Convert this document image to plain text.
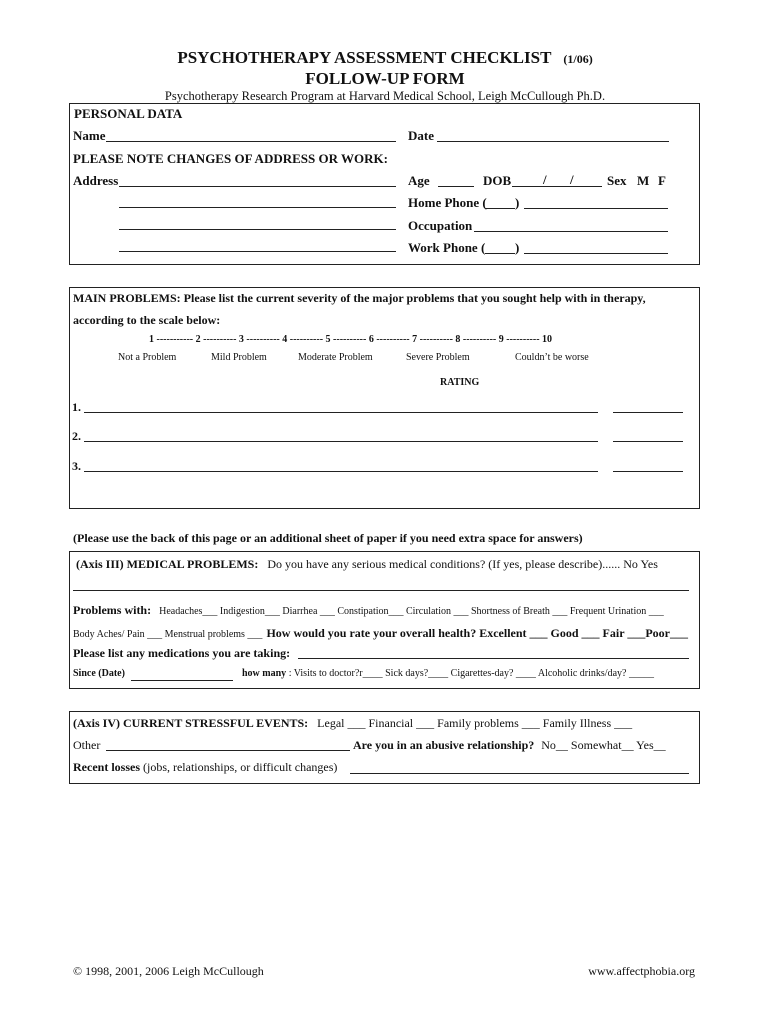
PSYCHOTHERAPY ASSESSMENT CHECKLIST (1/06)
FOLLOW-UP FORM
Psychotherapy Research Program at Harvard Medical School, Leigh McCullough Ph.D.
PERSONAL DATA
Name	Date
PLEASE NOTE CHANGES OF ADDRESS OR WORK:
Address	Age	DOB / /	Sex M F
Home Phone ( )
Occupation
Work Phone ( )
MAIN PROBLEMS: Please list the current severity of the major problems that you sought help with in therapy,
according to the scale below:
1 ----------- 2 ---------- 3 ---------- 4 ---------- 5 ---------- 6 ---------- 7 ---------- 8 ---------- 9 ---------- 10
Not a Problem	Mild Problem	Moderate Problem	Severe Problem	Couldn’t be worse
RATING
1.
2.
3.
(Please use the back of this page or an additional sheet of paper if you need extra space for answers)
(Axis III) MEDICAL PROBLEMS: Do you have any serious medical conditions? (If yes, please describe)...... No Yes
Problems with: Headaches___ Indigestion___ Diarrhea ___ Constipation___ Circulation ___ Shortness of Breath ___ Frequent Urination ___
Body Aches/ Pain ___ Menstrual problems ___ How would you rate your overall health? Excellent ___ Good ___ Fair ___Poor___
Please list any medications you are taking:
Since (Date)	how many : Visits to doctor?r____ Sick days?____ Cigarettes-day? ____ Alcoholic drinks/day? _____
(Axis IV) CURRENT STRESSFUL EVENTS: Legal ___ Financial ___ Family problems ___ Family Illness ___
Other	Are you in an abusive relationship? No__ Somewhat__ Yes__
Recent losses (jobs, relationships, or difficult changes)
© 1998, 2001, 2006 Leigh McCullough	www.affectphobia.org
